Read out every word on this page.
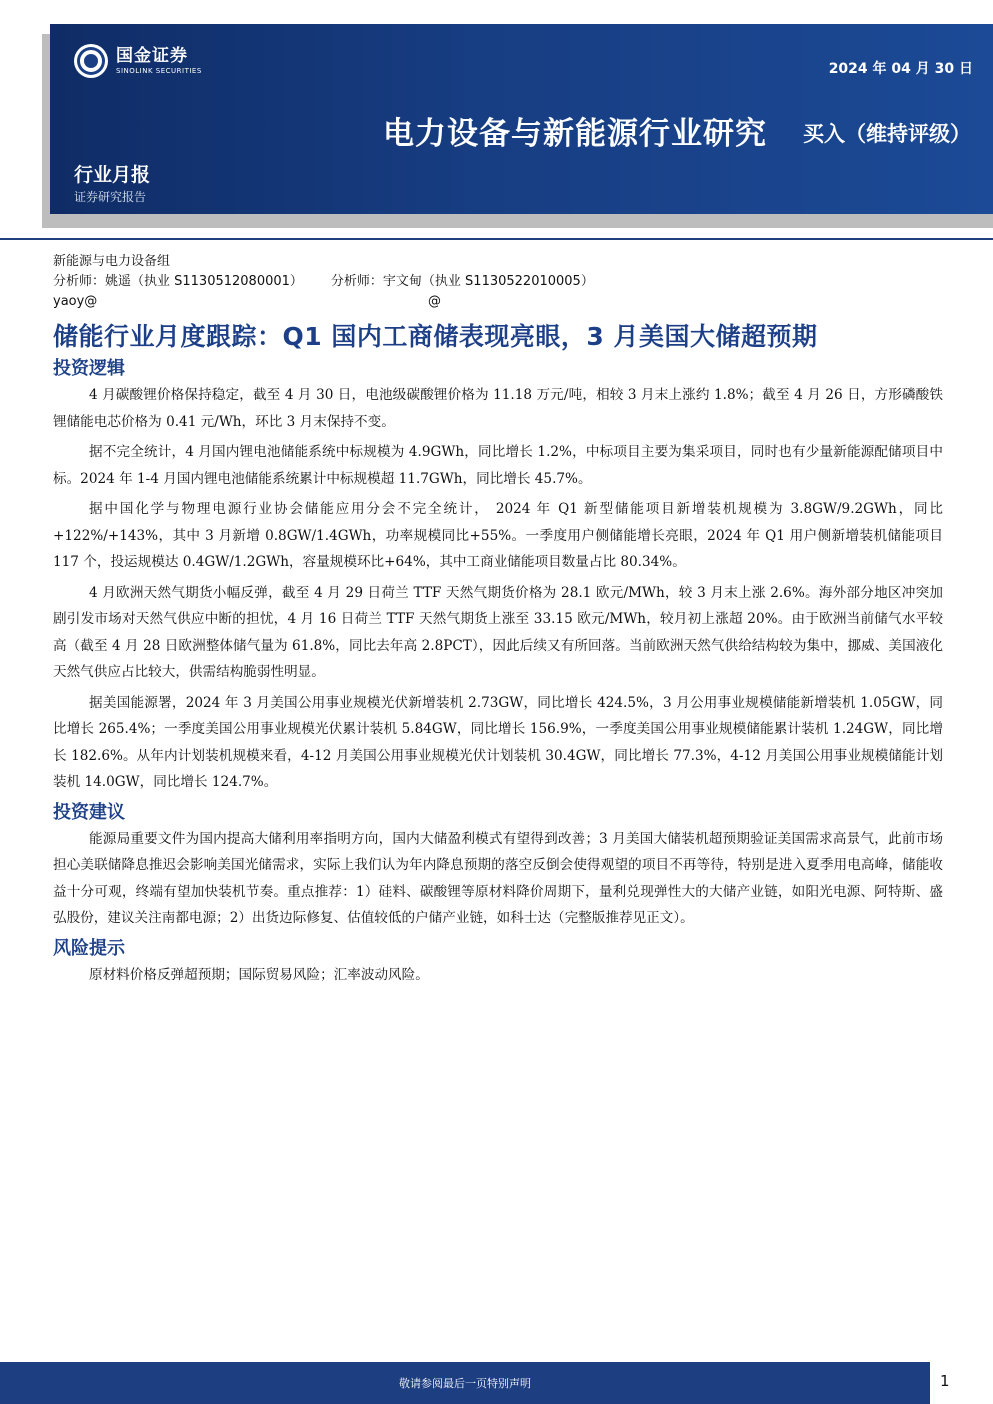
国金证券
SINOLINK SECURITIES	2024 年 04 月 30 日
电力设备与新能源行业研究 买入（维持评级）
行业月报
证券研究报告
新能源与电力设备组
分析师：姚遥（执业 S1130512080001） 分析师：宇文甸（执业 S1130522010005）
yaoy@	@
储能行业月度跟踪：Q1 国内工商储表现亮眼，3 月美国大储超预期
投资逻辑

4 月碳酸锂价格保持稳定，截至 4 月 30 日，电池级碳酸锂价格为 11.18 万元/吨，相较 3 月末上涨约 1.8%；截至 4 月 26 日，方形磷酸铁锂储能电芯价格为 0.41 元/Wh，环比 3 月末保持不变。

据不完全统计，4 月国内锂电池储能系统中标规模为 4.9GWh，同比增长 1.2%，中标项目主要为集采项目，同时也有少量新能源配储项目中标。2024 年 1-4 月国内锂电池储能系统累计中标规模超 11.7GWh，同比增长 45.7%。

据中国化学与物理电源行业协会储能应用分会不完全统计， 2024 年 Q1 新型储能项目新增装机规模为 3.8GW/9.2GWh，同比+122%/+143%，其中 3 月新增 0.8GW/1.4GWh，功率规模同比+55%。一季度用户侧储能增长亮眼，2024 年 Q1 用户侧新增装机储能项目 117 个，投运规模达 0.4GW/1.2GWh，容量规模环比+64%，其中工商业储能项目数量占比 80.34%。

4 月欧洲天然气期货小幅反弹，截至 4 月 29 日荷兰 TTF 天然气期货价格为 28.1 欧元/MWh，较 3 月末上涨 2.6%。海外部分地区冲突加剧引发市场对天然气供应中断的担忧，4 月 16 日荷兰 TTF 天然气期货上涨至 33.15 欧元/MWh，较月初上涨超 20%。由于欧洲当前储气水平较高（截至 4 月 28 日欧洲整体储气量为 61.8%，同比去年高 2.8PCT），因此后续又有所回落。当前欧洲天然气供给结构较为集中，挪威、美国液化天然气供应占比较大，供需结构脆弱性明显。

据美国能源署，2024 年 3 月美国公用事业规模光伏新增装机 2.73GW，同比增长 424.5%，3 月公用事业规模储能新增装机 1.05GW，同比增长 265.4%；一季度美国公用事业规模光伏累计装机 5.84GW，同比增长 156.9%，一季度美国公用事业规模储能累计装机 1.24GW，同比增长 182.6%。从年内计划装机规模来看，4-12 月美国公用事业规模光伏计划装机 30.4GW，同比增长 77.3%，4-12 月美国公用事业规模储能计划装机 14.0GW，同比增长 124.7%。

投资建议

能源局重要文件为国内提高大储利用率指明方向，国内大储盈利模式有望得到改善；3 月美国大储装机超预期验证美国需求高景气，此前市场担心美联储降息推迟会影响美国光储需求，实际上我们认为年内降息预期的落空反倒会使得观望的项目不再等待，特别是进入夏季用电高峰，储能收益十分可观，终端有望加快装机节奏。重点推荐：1）硅料、碳酸锂等原材料降价周期下，量利兑现弹性大的大储产业链，如阳光电源、阿特斯、盛弘股份，建议关注南都电源；2）出货边际修复、估值较低的户储产业链，如科士达（完整版推荐见正文）。

风险提示

原材料价格反弹超预期；国际贸易风险；汇率波动风险。

敬请参阅最后一页特别声明	1
